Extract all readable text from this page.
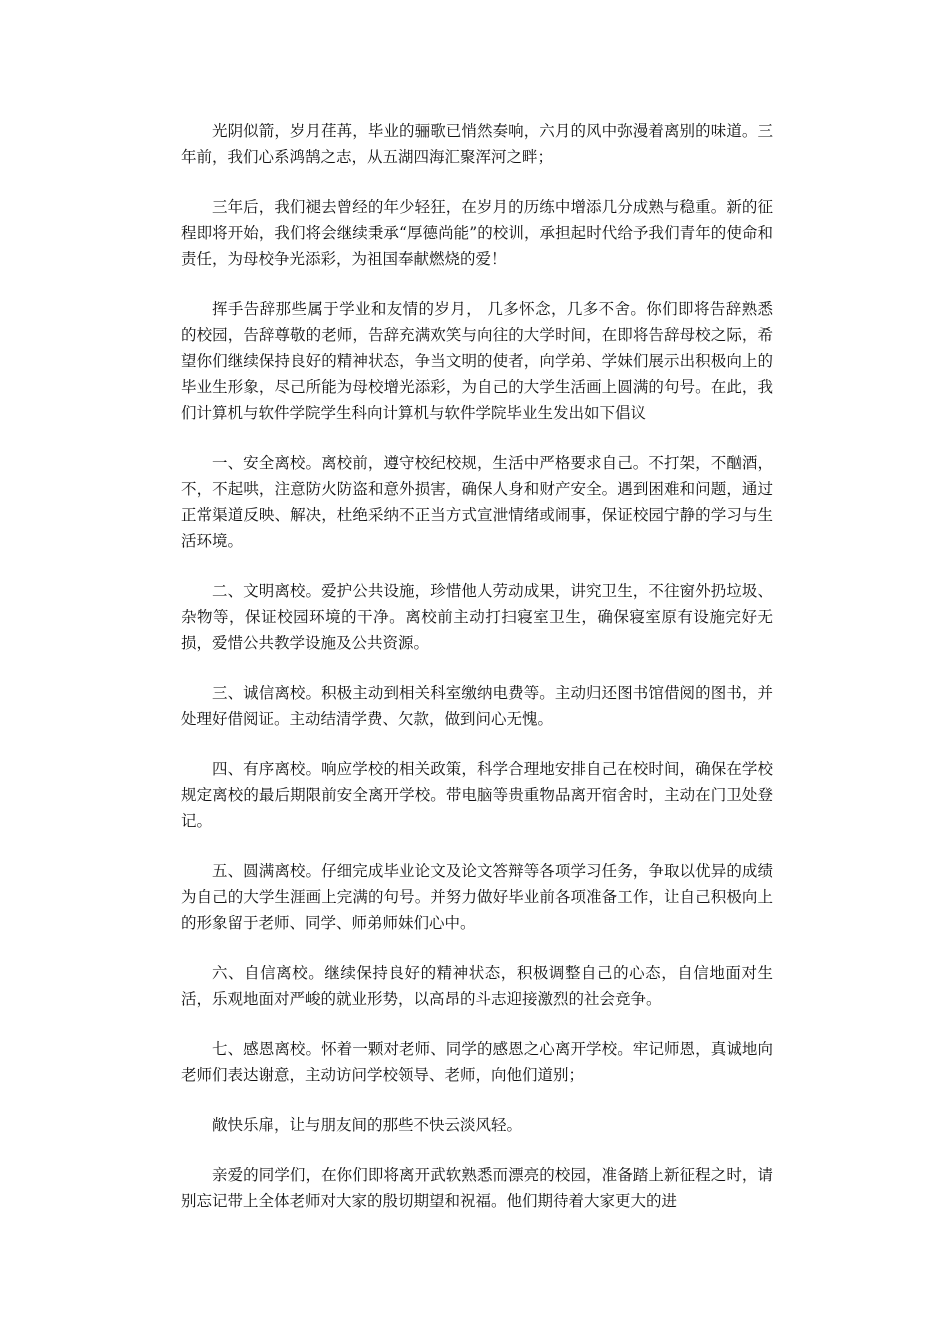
光阴似箭，岁月荏苒，毕业的骊歌已悄然奏响，六月的风中弥漫着离别的味道。三年前，我们心系鸿鹄之志，从五湖四海汇聚浑河之畔；

三年后，我们褪去曾经的年少轻狂，在岁月的历练中增添几分成熟与稳重。新的征程即将开始，我们将会继续秉承“厚德尚能”的校训，承担起时代给予我们青年的使命和责任，为母校争光添彩，为祖国奉献燃烧的爱！

挥手告辞那些属于学业和友情的岁月， 几多怀念，几多不舍。你们即将告辞熟悉的校园，告辞尊敬的老师，告辞充满欢笑与向往的大学时间，在即将告辞母校之际，希望你们继续保持良好的精神状态，争当文明的使者，向学弟、学妹们展示出积极向上的毕业生形象，尽己所能为母校增光添彩，为自己的大学生活画上圆满的句号。在此，我们计算机与软件学院学生科向计算机与软件学院毕业生发出如下倡议

一、安全离校。离校前，遵守校纪校规，生活中严格要求自己。不打架，不酗酒，不，不起哄，注意防火防盗和意外损害，确保人身和财产安全。遇到困难和问题，通过正常渠道反映、解决，杜绝采纳不正当方式宣泄情绪或闹事，保证校园宁静的学习与生活环境。

二、文明离校。爱护公共设施，珍惜他人劳动成果，讲究卫生，不往窗外扔垃圾、杂物等，保证校园环境的干净。离校前主动打扫寝室卫生，确保寝室原有设施完好无损，爱惜公共教学设施及公共资源。

三、诚信离校。积极主动到相关科室缴纳电费等。主动归还图书馆借阅的图书，并处理好借阅证。主动结清学费、欠款，做到问心无愧。

四、有序离校。响应学校的相关政策，科学合理地安排自己在校时间，确保在学校规定离校的最后期限前安全离开学校。带电脑等贵重物品离开宿舍时，主动在门卫处登记。

五、圆满离校。仔细完成毕业论文及论文答辩等各项学习任务，争取以优异的成绩为自己的大学生涯画上完满的句号。并努力做好毕业前各项准备工作，让自己积极向上的形象留于老师、同学、师弟师妹们心中。

六、自信离校。继续保持良好的精神状态，积极调整自己的心态，自信地面对生活，乐观地面对严峻的就业形势，以高昂的斗志迎接激烈的社会竞争。

七、感恩离校。怀着一颗对老师、同学的感恩之心离开学校。牢记师恩，真诚地向老师们表达谢意，主动访问学校领导、老师，向他们道别；

敞快乐扉，让与朋友间的那些不快云淡风轻。

亲爱的同学们，在你们即将离开武软熟悉而漂亮的校园，准备踏上新征程之时，请别忘记带上全体老师对大家的殷切期望和祝福。他们期待着大家更大的进
